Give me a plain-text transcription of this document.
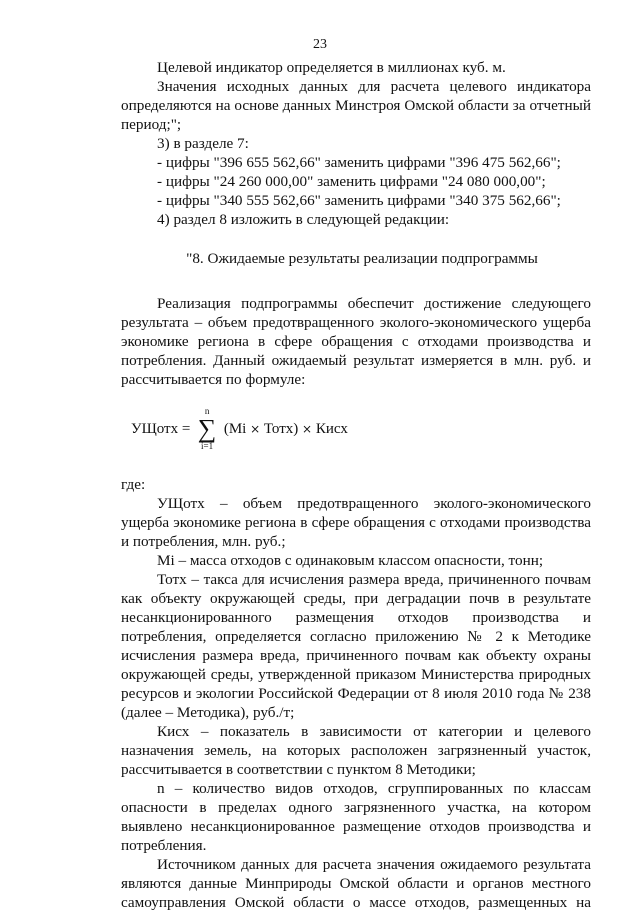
23

Целевой индикатор определяется в миллионах куб. м.

Значения исходных данных для расчета целевого индикатора определяются на основе данных Минстроя Омской области за отчетный период;";

3) в разделе 7:

- цифры "396 655 562,66" заменить цифрами "396 475 562,66";

- цифры "24 260 000,00" заменить цифрами "24 080 000,00";

- цифры "340 555 562,66" заменить цифрами "340 375 562,66";

4) раздел 8 изложить в следующей редакции:

"8. Ожидаемые результаты реализации подпрограммы

Реализация подпрограммы обеспечит достижение следующего результата – объем предотвращенного эколого-экономического ущерба экономике региона в сфере обращения с отходами производства и потребления. Данный ожидаемый результат измеряется в млн. руб. и рассчитывается по формуле:

УЩотх =
n
∑
i=1
(Mi × Тотх) × Кисх

где:

УЩотх – объем предотвращенного эколого-экономического ущерба экономике региона в сфере обращения с отходами производства и потребления, млн. руб.;

Mi – масса отходов с одинаковым классом опасности, тонн;

Тотх – такса для исчисления размера вреда, причиненного почвам как объекту окружающей среды, при деградации почв в результате несанкционированного размещения отходов производства и потребления, определяется согласно приложению № 2 к Методике исчисления размера вреда, причиненного почвам как объекту охраны окружающей среды, утвержденной приказом Министерства природных ресурсов и экологии Российской Федерации от 8 июля 2010 года № 238 (далее – Методика), руб./т;

Кисх – показатель в зависимости от категории и целевого назначения земель, на которых расположен загрязненный участок, рассчитывается в соответствии с пунктом 8 Методики;

n – количество видов отходов, сгруппированных по классам опасности в пределах одного загрязненного участка, на котором выявлено несанкционированное размещение отходов производства и потребления.

Источником данных для расчета значения ожидаемого результата являются данные Минприроды Омской области и органов местного самоуправления Омской области о массе отходов, размещенных на
